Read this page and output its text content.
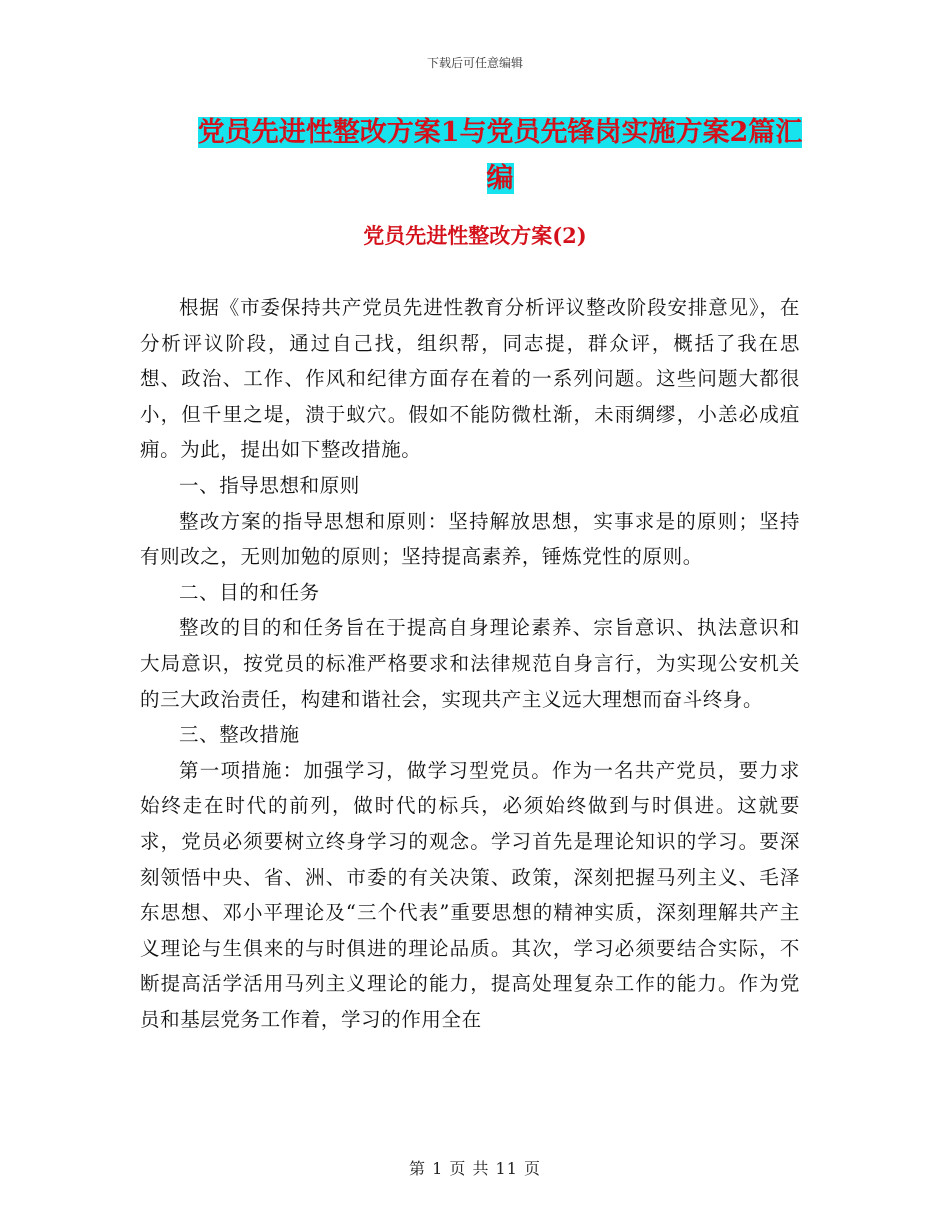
下载后可任意编辑
党员先进性整改方案1与党员先锋岗实施方案2篇汇
编
党员先进性整改方案(2)

根据《市委保持共产党员先进性教育分析评议整改阶段安排意见》，在分析评议阶段，通过自己找，组织帮，同志提，群众评，概括了我在思想、政治、工作、作风和纪律方面存在着的一系列问题。这些问题大都很小，但千里之堤，溃于蚁穴。假如不能防微杜渐，未雨绸缪，小恙必成疽痈。为此，提出如下整改措施。

一、指导思想和原则

整改方案的指导思想和原则：坚持解放思想，实事求是的原则；坚持有则改之，无则加勉的原则；坚持提高素养，锤炼党性的原则。

二、目的和任务

整改的目的和任务旨在于提高自身理论素养、宗旨意识、执法意识和大局意识，按党员的标准严格要求和法律规范自身言行，为实现公安机关的三大政治责任，构建和谐社会，实现共产主义远大理想而奋斗终身。

三、整改措施

第一项措施：加强学习，做学习型党员。作为一名共产党员，要力求始终走在时代的前列，做时代的标兵，必须始终做到与时俱进。这就要求，党员必须要树立终身学习的观念。学习首先是理论知识的学习。要深刻领悟中央、省、洲、市委的有关决策、政策，深刻把握马列主义、毛泽东思想、邓小平理论及“三个代表”重要思想的精神实质，深刻理解共产主义理论与生俱来的与时俱进的理论品质。其次，学习必须要结合实际，不断提高活学活用马列主义理论的能力，提高处理复杂工作的能力。作为党员和基层党务工作着，学习的作用全在

第 1 页 共 11 页
